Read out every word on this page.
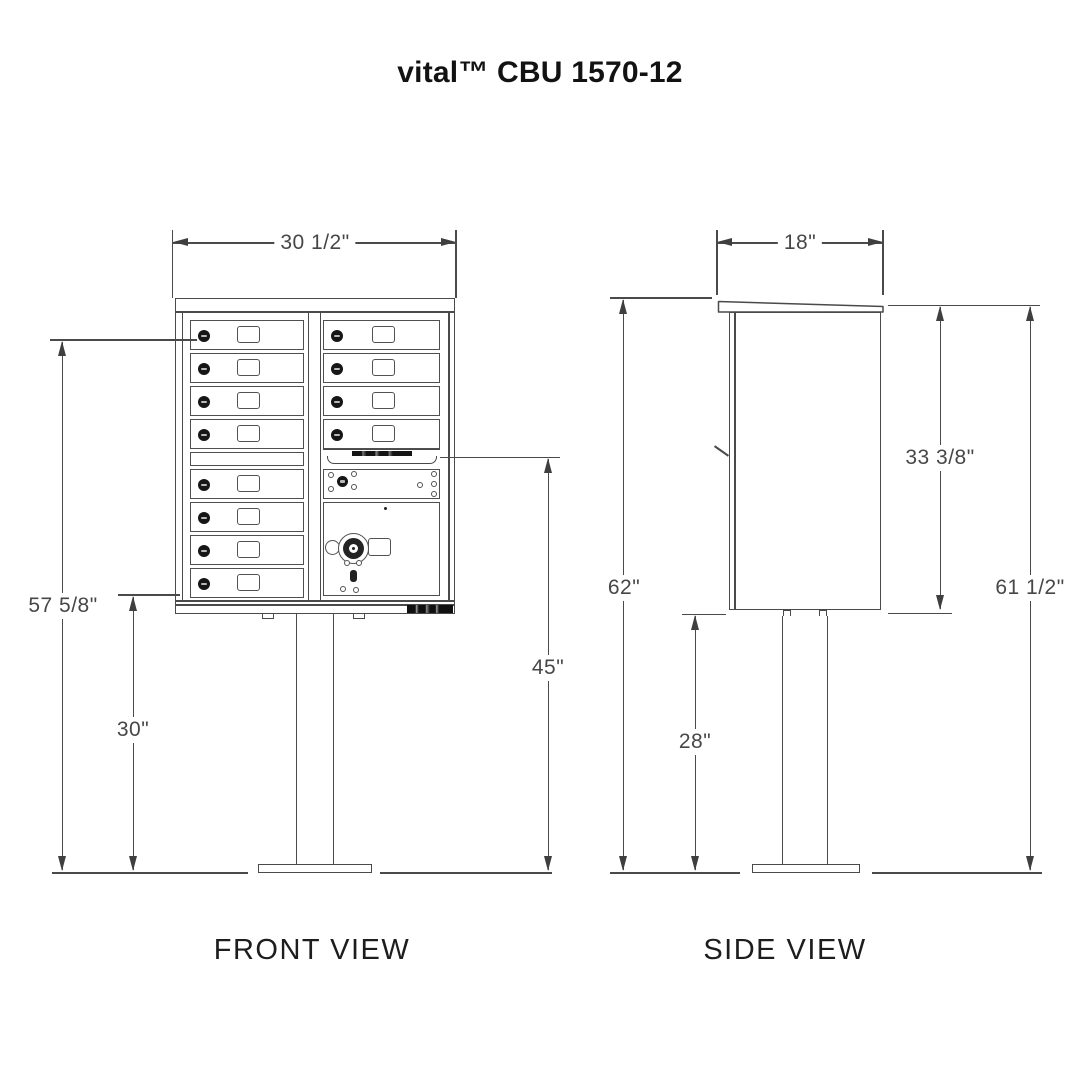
vital™ CBU 1570-12
FRONT VIEW	SIDE VIEW
30 1/2"
57 5/8"
30"
45"
18"
62"
33 3/8"
61 1/2"
28"
